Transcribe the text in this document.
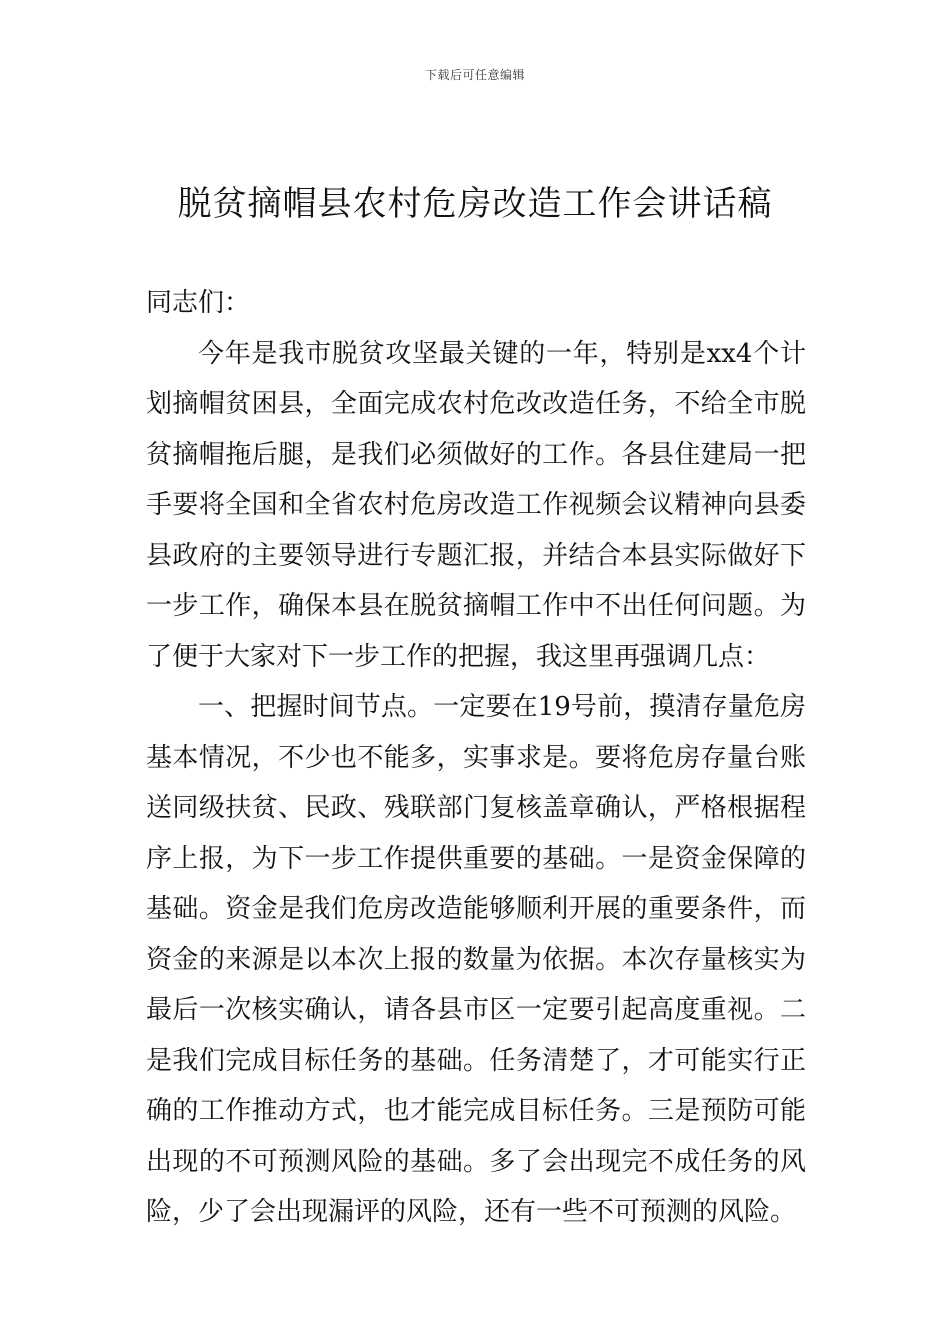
下载后可任意编辑
脱贫摘帽县农村危房改造工作会讲话稿

同志们：

今年是我市脱贫攻坚最关键的一年，特别是xx4个计划摘帽贫困县，全面完成农村危改改造任务，不给全市脱贫摘帽拖后腿，是我们必须做好的工作。各县住建局一把手要将全国和全省农村危房改造工作视频会议精神向县委县政府的主要领导进行专题汇报，并结合本县实际做好下一步工作，确保本县在脱贫摘帽工作中不出任何问题。为了便于大家对下一步工作的把握，我这里再强调几点：

一、把握时间节点。一定要在19号前，摸清存量危房基本情况，不少也不能多，实事求是。要将危房存量台账送同级扶贫、民政、残联部门复核盖章确认，严格根据程序上报，为下一步工作提供重要的基础。一是资金保障的基础。资金是我们危房改造能够顺利开展的重要条件，而资金的来源是以本次上报的数量为依据。本次存量核实为最后一次核实确认，请各县市区一定要引起高度重视。二是我们完成目标任务的基础。任务清楚了，才可能实行正确的工作推动方式，也才能完成目标任务。三是预防可能出现的不可预测风险的基础。多了会出现完不成任务的风险，少了会出现漏评的风险，还有一些不可预测的风险。
